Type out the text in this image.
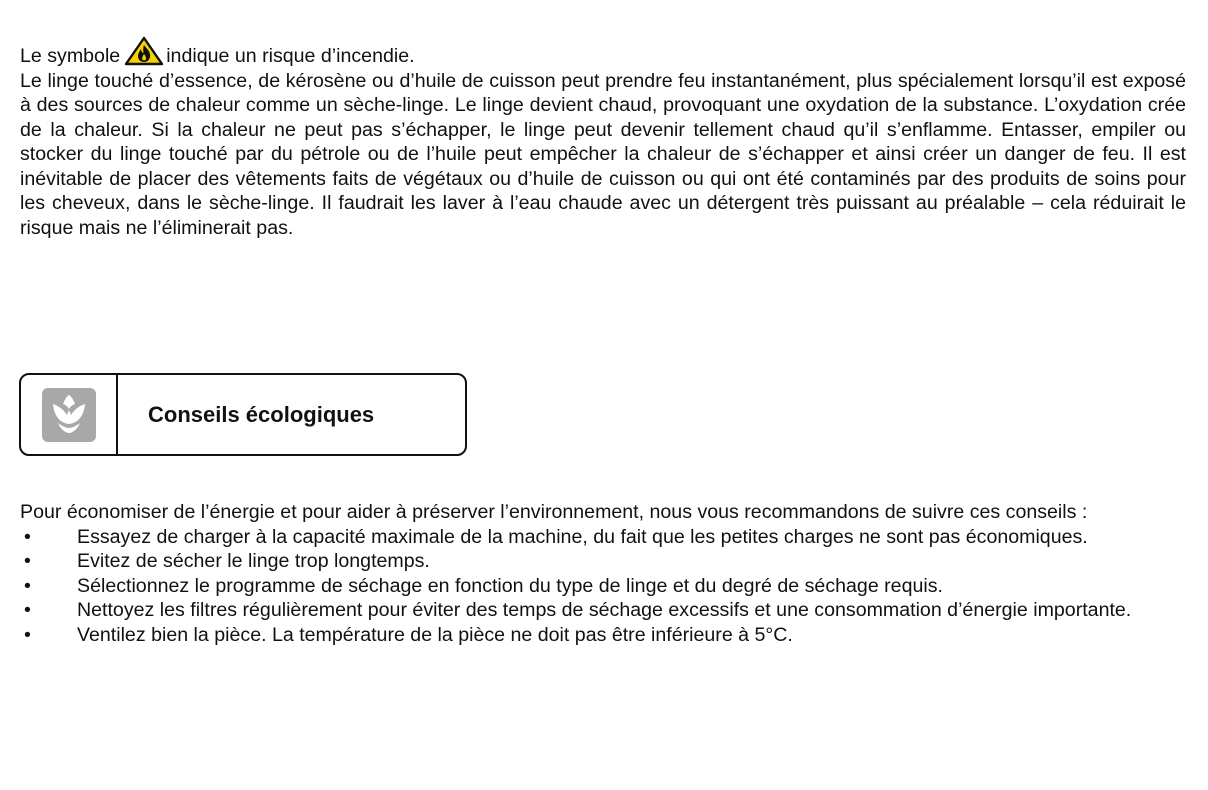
Le symbole indique un risque d’incendie.

Le linge touché d’essence, de kérosène ou d’huile de cuisson peut prendre feu instantanément, plus spécialement lorsqu’il est exposé à des sources de chaleur comme un sèche-linge. Le linge devient chaud, provoquant une oxydation de la substance. L’oxydation crée de la chaleur. Si la chaleur ne peut pas s’échapper, le linge peut devenir tellement chaud qu’il s’enflamme. Entasser, empiler ou stocker du linge touché par du pétrole ou de l’huile peut empêcher la chaleur de s’échapper et ainsi créer un danger de feu. Il est inévitable de placer des vêtements faits de végétaux ou d’huile de cuisson ou qui ont été contaminés par des produits de soins pour les cheveux, dans le sèche-linge. Il faudrait les laver à l’eau chaude avec un détergent très puissant au préalable – cela réduirait le risque mais ne l’éliminerait pas.

Conseils écologiques

Pour économiser de l’énergie et pour aider à préserver l’environnement, nous vous recommandons de suivre ces conseils :

• Essayez de charger à la capacité maximale de la machine, du fait que les petites charges ne sont pas économiques.
• Evitez de sécher le linge trop longtemps.
• Sélectionnez le programme de séchage en fonction du type de linge et du degré de séchage requis.
• Nettoyez les filtres régulièrement pour éviter des temps de séchage excessifs et une consommation d’énergie importante.
• Ventilez bien la pièce. La température de la pièce ne doit pas être inférieure à 5°C.
